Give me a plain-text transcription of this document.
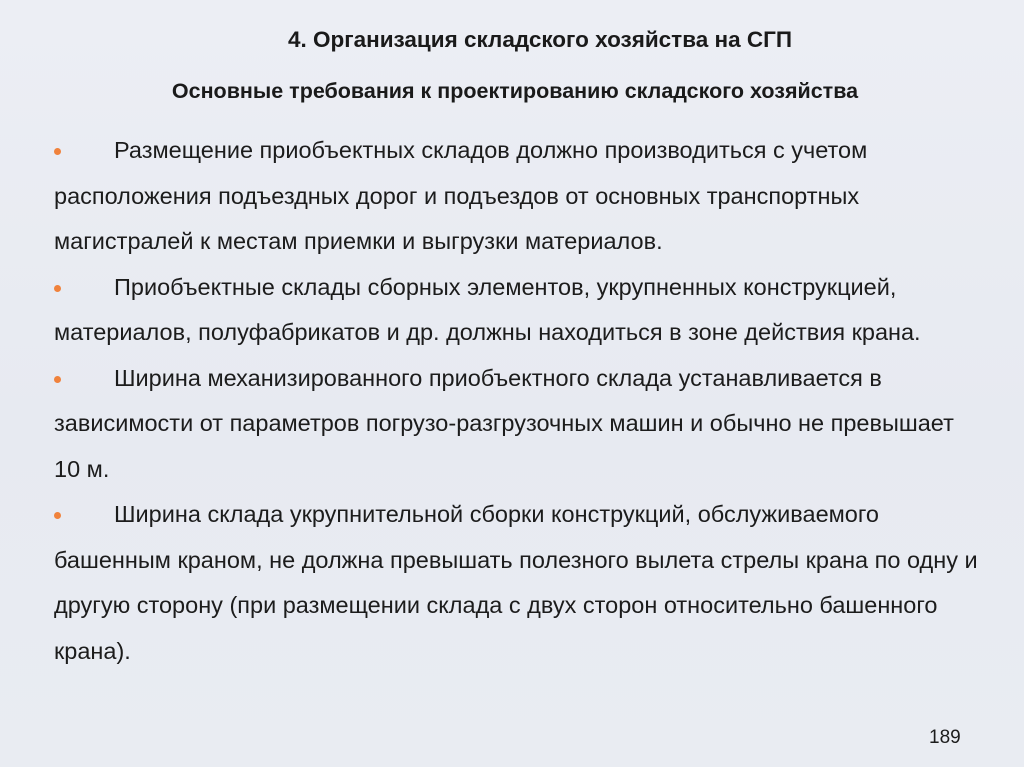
4. Организация складского хозяйства на СГП
Основные требования к проектированию складского хозяйства

Размещение приобъектных складов должно производиться с учетом расположения подъездных дорог и подъездов от основных транспортных магистралей к местам приемки и выгрузки материалов.

Приобъектные склады сборных элементов, укрупненных конструкцией, материалов, полуфабрикатов и др. должны находиться в зоне действия крана.

Ширина механизированного приобъектного склада устанавливается в зависимости от параметров погрузо-разгрузочных машин и обычно не превышает 10 м.

Ширина склада укрупнительной сборки конструкций, обслуживаемого башенным краном, не должна превышать полезного вылета стрелы крана по одну и другую сторону (при размещении склада с двух сторон относительно башенного крана).

189
